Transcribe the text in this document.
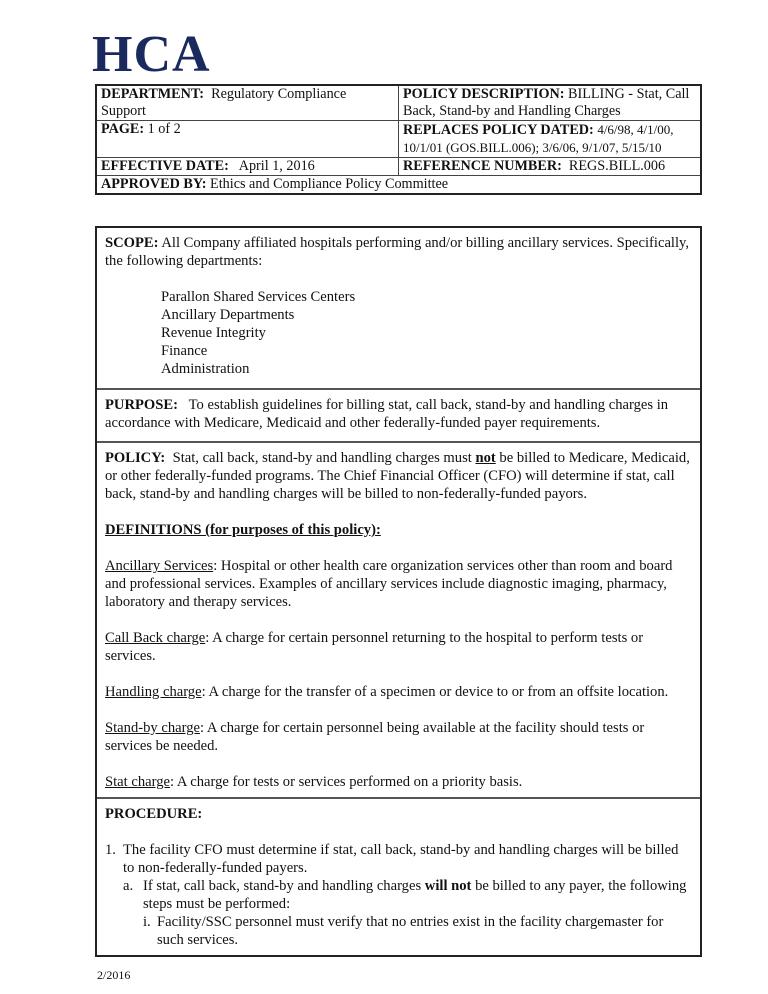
HCA
DEPARTMENT: Regulatory Compliance Support	POLICY DESCRIPTION: BILLING - Stat, Call Back, Stand-by and Handling Charges
PAGE: 1 of 2	REPLACES POLICY DATED: 4/6/98, 4/1/00,
10/1/01 (GOS.BILL.006); 3/6/06, 9/1/07, 5/15/10
EFFECTIVE DATE: April 1, 2016	REFERENCE NUMBER: REGS.BILL.006
APPROVED BY: Ethics and Compliance Policy Committee	

SCOPE: All Company affiliated hospitals performing and/or billing ancillary services. Specifically, the following departments:

Parallon Shared Services Centers

Ancillary Departments

Revenue Integrity

Finance

Administration

PURPOSE: To establish guidelines for billing stat, call back, stand-by and handling charges in accordance with Medicare, Medicaid and other federally-funded payer requirements.

POLICY: Stat, call back, stand-by and handling charges must not be billed to Medicare, Medicaid, or other federally-funded programs. The Chief Financial Officer (CFO) will determine if stat, call back, stand-by and handling charges will be billed to non-federally-funded payors.

DEFINITIONS (for purposes of this policy):

Ancillary Services: Hospital or other health care organization services other than room and board and professional services. Examples of ancillary services include diagnostic imaging, pharmacy, laboratory and therapy services.

Call Back charge: A charge for certain personnel returning to the hospital to perform tests or services.

Handling charge: A charge for the transfer of a specimen or device to or from an offsite location.

Stand-by charge: A charge for certain personnel being available at the facility should tests or services be needed.

Stat charge: A charge for tests or services performed on a priority basis.

PROCEDURE:

1. The facility CFO must determine if stat, call back, stand-by and handling charges will be billed to non-federally-funded payers.
a. If stat, call back, stand-by and handling charges will not be billed to any payer, the following steps must be performed:
i. Facility/SSC personnel must verify that no entries exist in the facility chargemaster for such services.
2/2016
